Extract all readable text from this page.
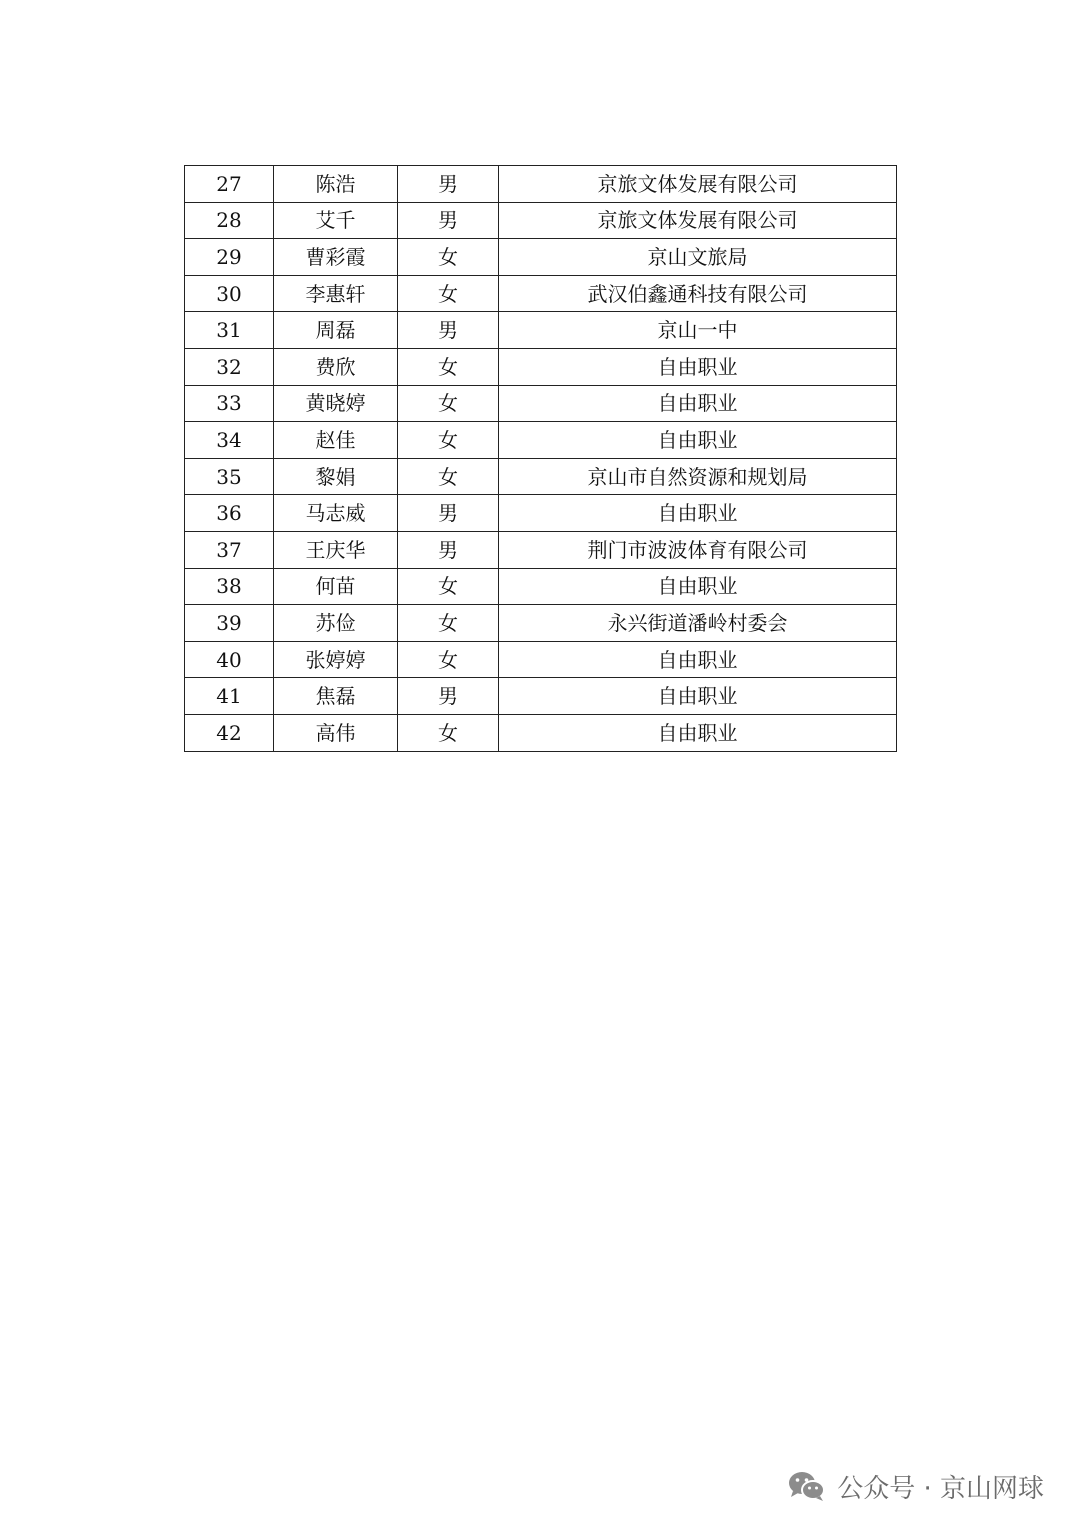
27	陈浩	男	京旅文体发展有限公司
28	艾千	男	京旅文体发展有限公司
29	曹彩霞	女	京山文旅局
30	李惠轩	女	武汉伯鑫通科技有限公司
31	周磊	男	京山一中
32	费欣	女	自由职业
33	黄晓婷	女	自由职业
34	赵佳	女	自由职业
35	黎娟	女	京山市自然资源和规划局
36	马志威	男	自由职业
37	王庆华	男	荆门市波波体育有限公司
38	何苗	女	自由职业
39	苏俭	女	永兴街道潘岭村委会
40	张婷婷	女	自由职业
41	焦磊	男	自由职业
42	高伟	女	自由职业
公众号 · 京山网球
